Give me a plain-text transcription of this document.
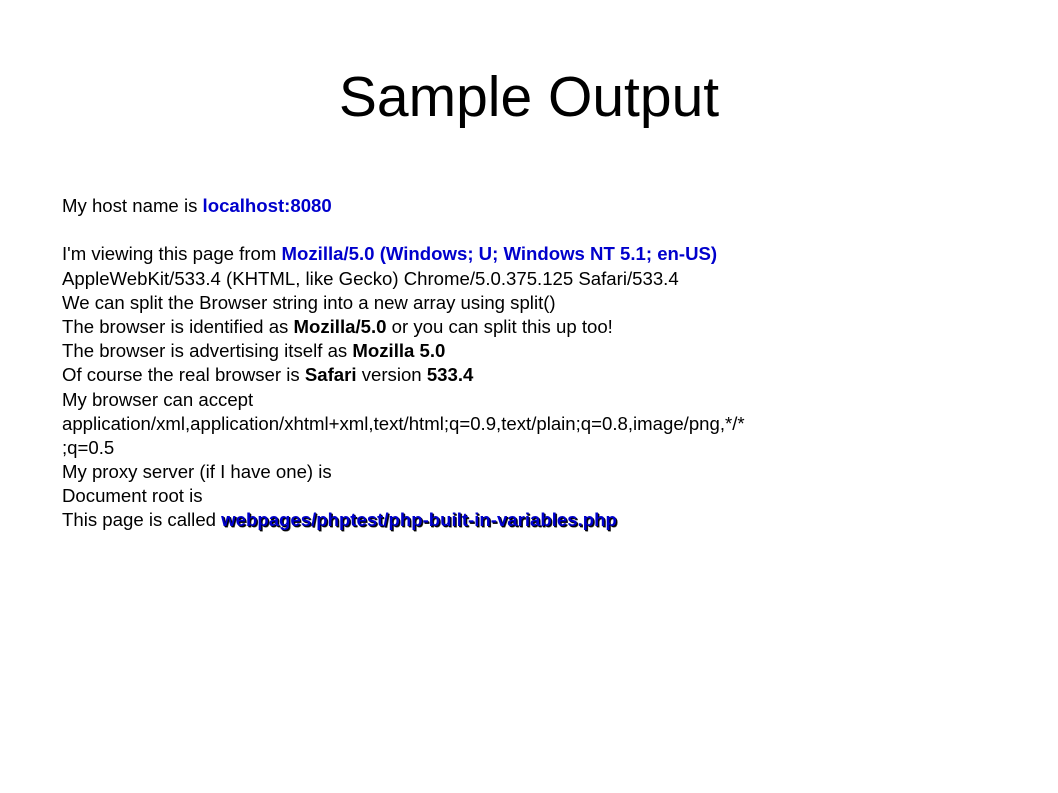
Sample Output
My host name is localhost:8080
I'm viewing this page from Mozilla/5.0 (Windows; U; Windows NT 5.1; en-US)
AppleWebKit/533.4 (KHTML, like Gecko) Chrome/5.0.375.125 Safari/533.4
We can split the Browser string into a new array using split()
The browser is identified as Mozilla/5.0 or you can split this up too!
The browser is advertising itself as Mozilla 5.0
Of course the real browser is Safari version 533.4
My browser can accept
application/xml,application/xhtml+xml,text/html;q=0.9,text/plain;q=0.8,image/png,*/*
;q=0.5
My proxy server (if I have one) is
Document root is
This page is called webpages/phptest/php-built-in-variables.php
